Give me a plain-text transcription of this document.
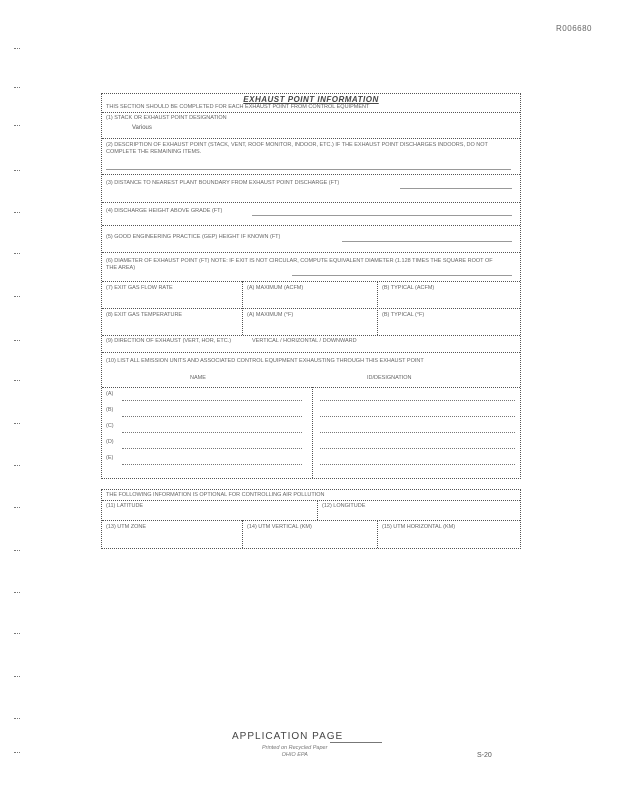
R006680
EXHAUST POINT INFORMATION
THIS SECTION SHOULD BE COMPLETED FOR EACH EXHAUST POINT FROM CONTROL EQUIPMENT
(1) STACK OR EXHAUST POINT DESIGNATION
Various
(2) DESCRIPTION OF EXHAUST POINT (STACK, VENT, ROOF MONITOR, INDOOR, ETC.) IF THE EXHAUST POINT DISCHARGES INDOORS, DO NOT COMPLETE THE REMAINING ITEMS.
(3) DISTANCE TO NEAREST PLANT BOUNDARY FROM EXHAUST POINT DISCHARGE (FT)
(4) DISCHARGE HEIGHT ABOVE GRADE (FT)
(5) GOOD ENGINEERING PRACTICE (GEP) HEIGHT IF KNOWN (FT)
(6) DIAMETER OF EXHAUST POINT (FT) NOTE: IF EXIT IS NOT CIRCULAR, COMPUTE EQUIVALENT DIAMETER (1.128 TIMES THE SQUARE ROOT OF THE AREA)
(7) EXIT GAS FLOW RATE	(A) MAXIMUM (ACFM)	(B) TYPICAL (ACFM)
(8) EXIT GAS TEMPERATURE	(A) MAXIMUM (°F)	(B) TYPICAL (°F)
(9) DIRECTION OF EXHAUST (VERT, HOR, ETC.)	VERTICAL / HORIZONTAL / DOWNWARD
(10) LIST ALL EMISSION UNITS AND ASSOCIATED CONTROL EQUIPMENT EXHAUSTING THROUGH THIS EXHAUST POINT
NAME	ID/DESIGNATION
(A)
(B)
(C)
(D)
(E)
THE FOLLOWING INFORMATION IS OPTIONAL FOR CONTROLLING AIR POLLUTION
(11) LATITUDE	(12) LONGITUDE
(13) UTM ZONE	(14) UTM VERTICAL (KM)	(15) UTM HORIZONTAL (KM)
APPLICATION PAGE
Printed on Recycled Paper
OHIO EPA	S-20
